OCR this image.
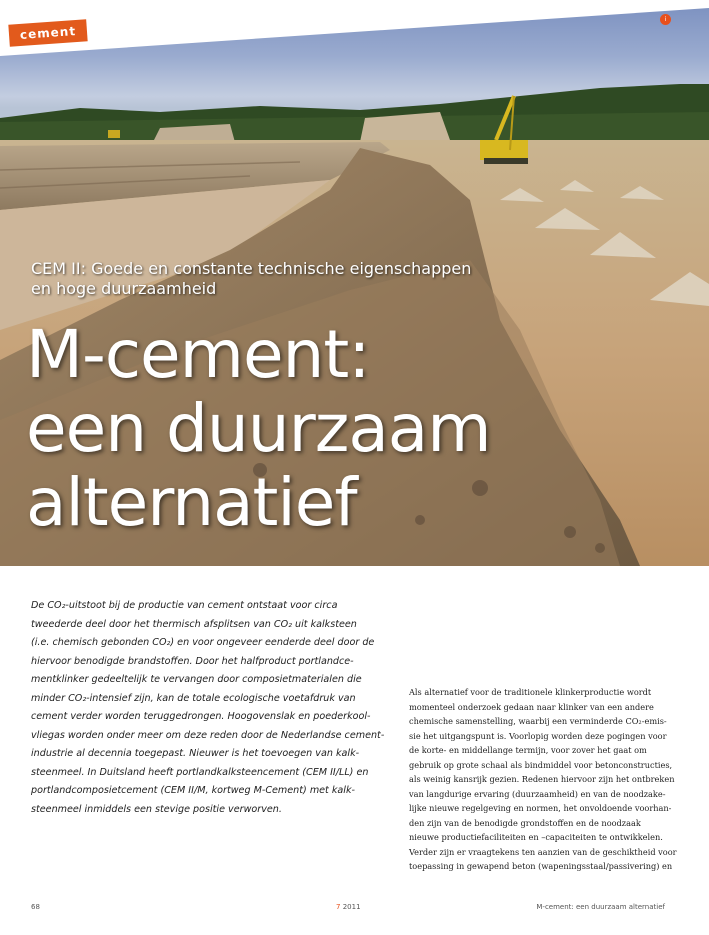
cement
i
CEM II: Goede en constante technische eigenschappen
en hoge duurzaamheid
M-cement:
een duurzaam
alternatief
De CO₂-uitstoot bij de productie van cement ontstaat voor circa
tweederde deel door het thermisch afsplitsen van CO₂ uit kalksteen
(i.e. chemisch gebonden CO₂) en voor ongeveer eenderde deel door de
hiervoor benodigde brandstoffen. Door het halfproduct portlandce-
mentklinker gedeeltelijk te vervangen door composietmaterialen die
minder CO₂-intensief zijn, kan de totale ecologische voetafdruk van
cement verder worden teruggedrongen. Hoogovenslak en poederkool-
vliegas worden onder meer om deze reden door de Nederlandse cement-
industrie al decennia toegepast. Nieuwer is het toevoegen van kalk-
steenmeel. In Duitsland heeft portlandkalksteencement (CEM II/LL) en
portlandcomposietcement (CEM II/M, kortweg M-Cement) met kalk-
steenmeel inmiddels een stevige positie verworven.
Als alternatief voor de traditionele klinkerproductie wordt
momenteel onderzoek gedaan naar klinker van een andere
chemische samenstelling, waarbij een verminderde CO₂-emis-
sie het uitgangspunt is. Voorlopig worden deze pogingen voor
de korte- en middellange termijn, voor zover het gaat om
gebruik op grote schaal als bindmiddel voor betonconstructies,
als weinig kansrijk gezien. Redenen hiervoor zijn het ontbreken
van langdurige ervaring (duurzaamheid) en van de noodzake-
lijke nieuwe regelgeving en normen, het onvoldoende voorhan-
den zijn van de benodigde grondstoffen en de noodzaak
nieuwe productiefaciliteiten en –capaciteiten te ontwikkelen.
Verder zijn er vraagtekens ten aanzien van de geschiktheid voor
toepassing in gewapend beton (wapeningsstaal/passivering) en
68	7 2011	M-cement: een duurzaam alternatief
